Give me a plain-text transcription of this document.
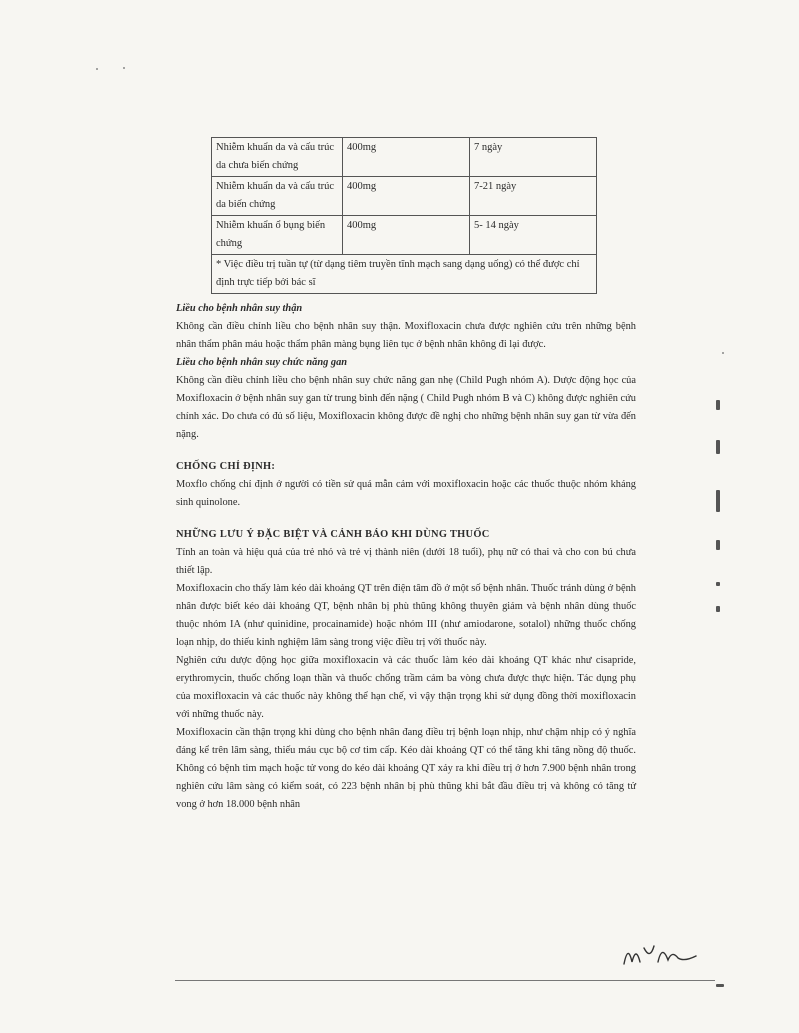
Nhiễm khuẩn da và cấu trúc da chưa biến chứng	400mg	7 ngày
Nhiễm khuẩn da và cấu trúc da biến chứng	400mg	7-21 ngày
Nhiễm khuẩn ổ bụng biến chứng	400mg	5- 14 ngày
* Việc điều trị tuần tự (từ dạng tiêm truyền tĩnh mạch sang dạng uống) có thể được chỉ định trực tiếp bởi bác sĩ		
Liều cho bệnh nhân suy thận

Không cần điều chỉnh liều cho bệnh nhân suy thận. Moxifloxacin chưa được nghiên cứu trên những bệnh nhân thẩm phân máu hoặc thẩm phân màng bụng liên tục ở bệnh nhân không đi lại được.

Liều cho bệnh nhân suy chức năng gan

Không cần điều chỉnh liều cho bệnh nhân suy chức năng gan nhẹ (Child Pugh nhóm A). Dược động học của Moxifloxacin ở bệnh nhân suy gan từ trung bình đến nặng ( Child Pugh nhóm B và C) không được nghiên cứu chính xác. Do chưa có đủ số liệu, Moxifloxacin không được đề nghị cho những bệnh nhân suy gan từ vừa đến nặng.

CHỐNG CHỈ ĐỊNH:

Moxflo chống chỉ định ở người có tiền sử quá mẫn cảm với moxifloxacin hoặc các thuốc thuộc nhóm kháng sinh quinolone.

NHỮNG LƯU Ý ĐẶC BIỆT VÀ CẢNH BÁO KHI DÙNG THUỐC

Tính an toàn và hiệu quả của trẻ nhỏ và trẻ vị thành niên (dưới 18 tuổi), phụ nữ có thai và cho con bú chưa thiết lập.

Moxifloxacin cho thấy làm kéo dài khoảng QT trên điện tâm đồ ở một số bệnh nhân. Thuốc tránh dùng ở bệnh nhân được biết kéo dài khoảng QT, bệnh nhân bị phù thũng không thuyên giảm và bệnh nhân dùng thuốc thuộc nhóm IA (như quinidine, procainamide) hoặc nhóm III (như amiodarone, sotalol) những thuốc chống loạn nhịp, do thiếu kinh nghiệm lâm sàng trong việc điều trị với thuốc này.

Nghiên cứu dược động học giữa moxifloxacin và các thuốc làm kéo dài khoảng QT khác như cisapride, erythromycin, thuốc chống loạn thần và thuốc chống trầm cảm ba vòng chưa được thực hiện. Tác dụng phụ của moxifloxacin và các thuốc này không thể hạn chế, vì vậy thận trọng khi sử dụng đồng thời moxifloxacin với những thuốc này.

Moxifloxacin cần thận trọng khi dùng cho bệnh nhân đang điều trị bệnh loạn nhịp, như chậm nhịp có ý nghĩa đáng kể trên lâm sàng, thiếu máu cục bộ cơ tim cấp. Kéo dài khoảng QT có thể tăng khi tăng nồng độ thuốc. Không có bệnh tim mạch hoặc tử vong do kéo dài khoảng QT xảy ra khi điều trị ở hơn 7.900 bệnh nhân trong nghiên cứu lâm sàng có kiểm soát, có 223 bệnh nhân bị phù thũng khi bắt đầu điều trị và không có tăng tử vong ở hơn 18.000 bệnh nhân
